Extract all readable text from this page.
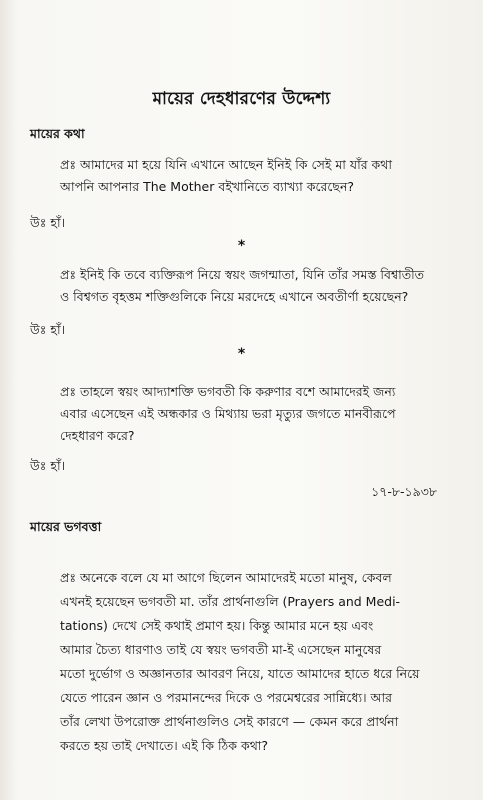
মায়ের দেহধারণের উদ্দেশ্য
মায়ের কথা
প্রঃ আমাদের মা হয়ে যিনি এখানে আছেন ইনিই কি সেই মা যাঁর কথা
আপনি আপনার The Mother বইখানিতে ব্যাখ্যা করেছেন?
উঃ হাঁ।
*
প্রঃ ইনিই কি তবে ব্যক্তিরূপ নিয়ে স্বয়ং জগন্মাতা, যিনি তাঁর সমস্ত বিশ্বাতীত
ও বিশ্বগত বৃহত্তম শক্তিগুলিকে নিয়ে মরদেহে এখানে অবতীর্ণা হয়েছেন?
উঃ হাঁ।
*
প্রঃ তাহলে স্বয়ং আদ্যাশক্তি ভগবতী কি করুণার বশে আমাদেরই জন্য
এবার এসেছেন এই অন্ধকার ও মিথ্যায় ভরা মৃত্যুর জগতে মানবীরূপে
দেহধারণ করে?
উঃ হাঁ।
১৭-৮-১৯৩৮
মায়ের ভগবত্তা
প্রঃ অনেকে বলে যে মা আগে ছিলেন আমাদেরই মতো মানুষ, কেবল
এখনই হয়েছেন ভগবতী মা. তাঁর প্রার্থনাগুলি (Prayers and Medi-
tations) দেখে সেই কথাই প্রমাণ হয়। কিন্তু আমার মনে হয় এবং
আমার চৈত্য ধারণাও তাই যে স্বয়ং ভগবতী মা-ই এসেছেন মানুষের
মতো দুর্ভোগ ও অজ্ঞানতার আবরণ নিয়ে, যাতে আমাদের হাতে ধরে নিয়ে
যেতে পারেন জ্ঞান ও পরমানন্দের দিকে ও পরমেশ্বরের সান্নিধ্যে। আর
তাঁর লেখা উপরোক্ত প্রার্থনাগুলিও সেই কারণে — কেমন করে প্রার্থনা
করতে হয় তাই দেখাতে। এই কি ঠিক কথা?
